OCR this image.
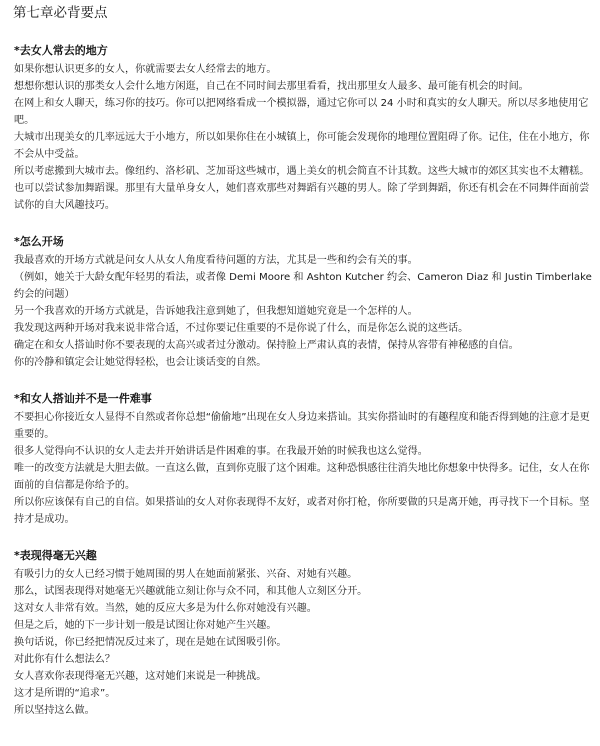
第七章必背要点
*去女人常去的地方

如果你想认识更多的女人，你就需要去女人经常去的地方。

想想你想认识的那类女人会什么地方闲逛，自己在不同时间去那里看看，找出那里女人最多、最可能有机会的时间。

在网上和女人聊天，练习你的技巧。你可以把网络看成一个模拟器，通过它你可以 24 小时和真实的女人聊天。所以尽多地使用它吧。

大城市出现美女的几率远远大于小地方，所以如果你住在小城镇上，你可能会发现你的地理位置阻碍了你。记住，住在小地方，你不会从中受益。

所以考虑搬到大城市去。像纽约、洛杉矶、芝加哥这些城市，遇上美女的机会简直不计其数。这些大城市的郊区其实也不太糟糕。

也可以尝试参加舞蹈课。那里有大量单身女人，她们喜欢那些对舞蹈有兴趣的男人。除了学到舞蹈，你还有机会在不同舞伴面前尝试你的自大风趣技巧。

*怎么开场

我最喜欢的开场方式就是问女人从女人角度看待问题的方法，尤其是一些和约会有关的事。

（例如，她关于大龄女配年轻男的看法，或者像 Demi Moore 和 Ashton Kutcher 约会、Cameron Diaz 和 Justin Timberlake 约会的问题）

另一个我喜欢的开场方式就是，告诉她我注意到她了，但我想知道她究竟是一个怎样的人。

我发现这两种开场对我来说非常合适，不过你要记住重要的不是你说了什么，而是你怎么说的这些话。

确定在和女人搭讪时你不要表现的太高兴或者过分激动。保持脸上严肃认真的表情，保持从容带有神秘感的自信。

你的冷静和镇定会让她觉得轻松，也会让谈话变的自然。

*和女人搭讪并不是一件难事

不要担心你接近女人显得不自然或者你总想“偷偷地”出现在女人身边来搭讪。其实你搭讪时的有趣程度和能否得到她的注意才是更重要的。

很多人觉得向不认识的女人走去并开始讲话是件困难的事。在我最开始的时候我也这么觉得。

唯一的改变方法就是大胆去做。一直这么做，直到你克服了这个困难。这种恐惧感往往消失地比你想象中快得多。记住，女人在你面前的自信都是你给予的。

所以你应该保有自己的自信。如果搭讪的女人对你表现得不友好，或者对你打枪，你所要做的只是离开她，再寻找下一个目标。坚持才是成功。

*表现得毫无兴趣

有吸引力的女人已经习惯于她周围的男人在她面前紧张、兴奋、对她有兴趣。

那么，试图表现得对她毫无兴趣就能立刻让你与众不同，和其他人立刻区分开。

这对女人非常有效。当然，她的反应大多是为什么你对她没有兴趣。

但是之后，她的下一步计划一般是试图让你对她产生兴趣。

换句话说，你已经把情况反过来了，现在是她在试图吸引你。

对此你有什么想法么？

女人喜欢你表现得毫无兴趣，这对她们来说是一种挑战。

这才是所谓的“追求”。

所以坚持这么做。
